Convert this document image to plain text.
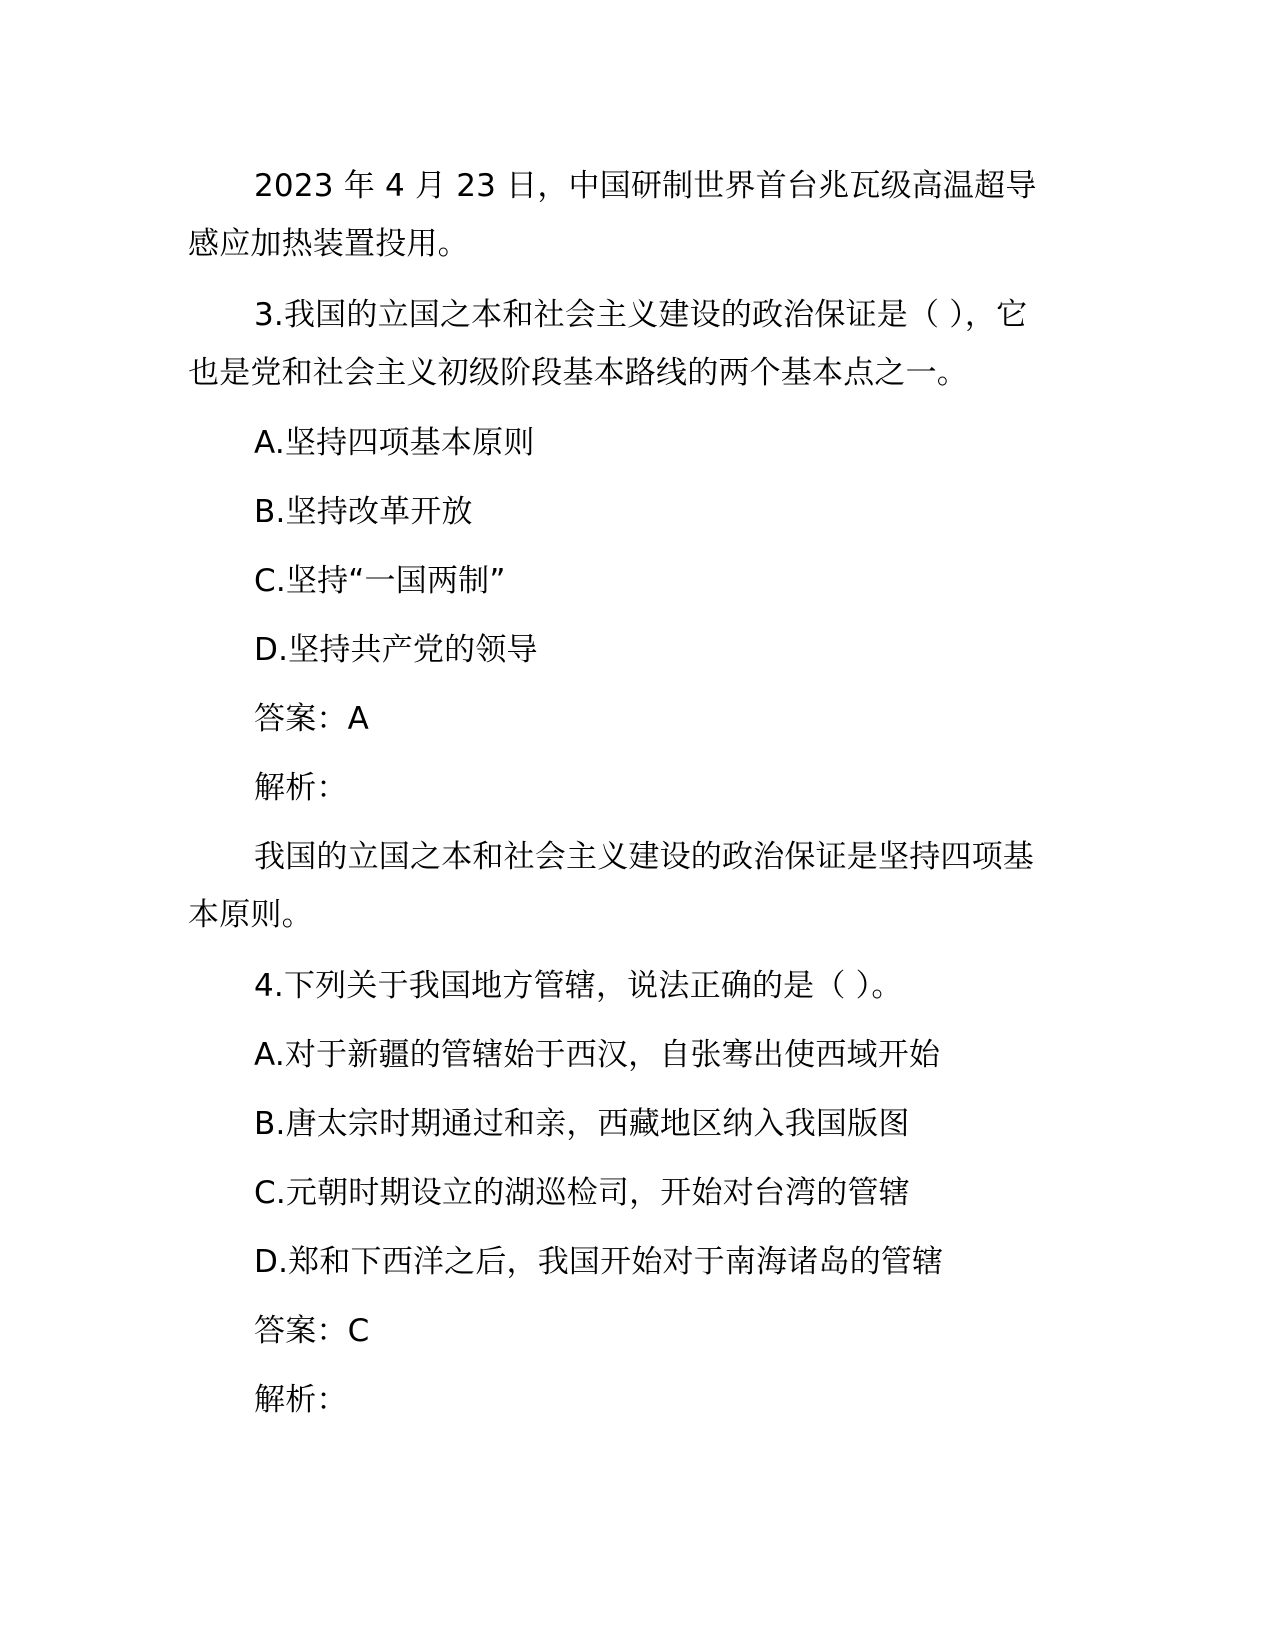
2023 年 4 月 23 日，中国研制世界首台兆瓦级高温超导

感应加热装置投用。

3.我国的立国之本和社会主义建设的政治保证是（ ），它

也是党和社会主义初级阶段基本路线的两个基本点之一。

A.坚持四项基本原则

B.坚持改革开放

C.坚持“一国两制”

D.坚持共产党的领导

答案：A

解析：

我国的立国之本和社会主义建设的政治保证是坚持四项基

本原则。

4.下列关于我国地方管辖，说法正确的是（ ）。

A.对于新疆的管辖始于西汉，自张骞出使西域开始

B.唐太宗时期通过和亲，西藏地区纳入我国版图

C.元朝时期设立的湖巡检司，开始对台湾的管辖

D.郑和下西洋之后，我国开始对于南海诸岛的管辖

答案：C

解析：
